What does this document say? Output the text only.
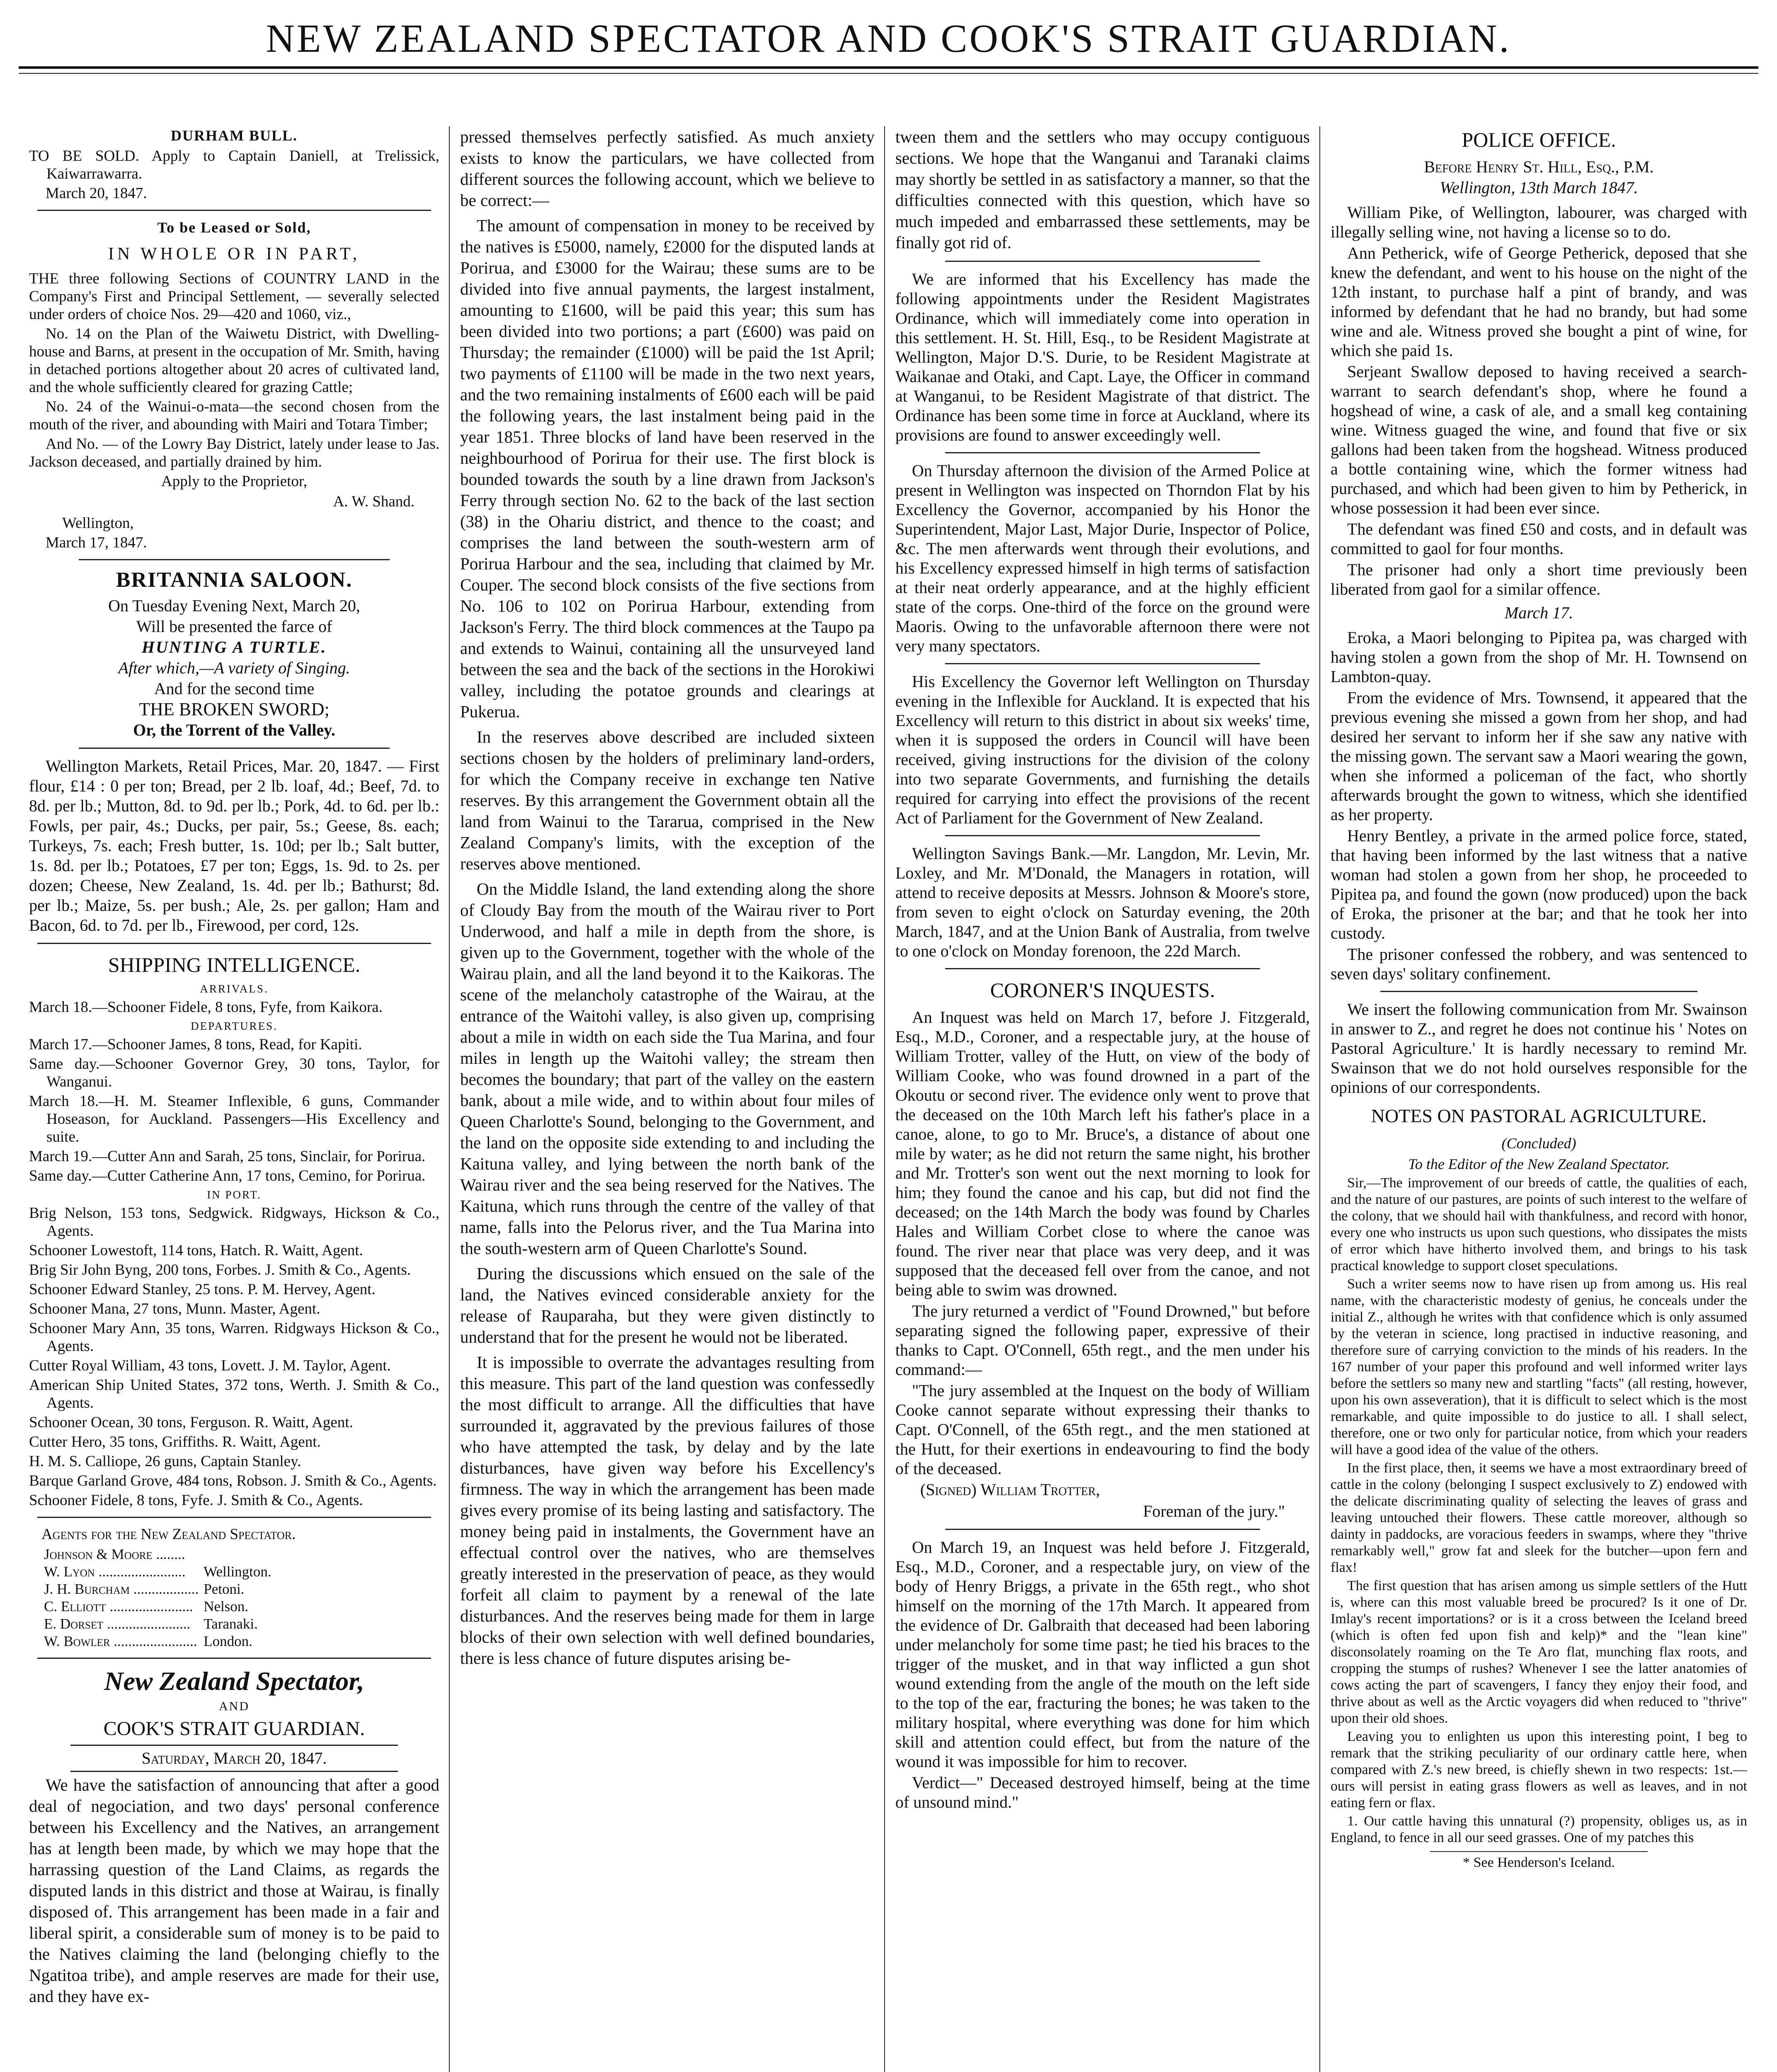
NEW ZEALAND SPECTATOR AND COOK'S STRAIT GUARDIAN.
DURHAM BULL.

TO BE SOLD. Apply to Captain Daniell, at Trelissick, Kaiwarrawarra.

March 20, 1847.

To be Leased or Sold,
IN WHOLE OR IN PART,

THE three following Sections of COUNTRY LAND in the Company's First and Principal Settlement, — severally selected under orders of choice Nos. 29—420 and 1060, viz.,

No. 14 on the Plan of the Waiwetu District, with Dwelling-house and Barns, at present in the occupation of Mr. Smith, having in detached portions altogether about 20 acres of cultivated land, and the whole sufficiently cleared for grazing Cattle;

No. 24 of the Wainui-o-mata—the second chosen from the mouth of the river, and abounding with Mairi and Totara Timber;

And No. — of the Lowry Bay District, lately under lease to Jas. Jackson deceased, and partially drained by him.

Apply to the Proprietor,

A. W. Shand.

Wellington,

March 17, 1847.

BRITANNIA SALOON.

On Tuesday Evening Next, March 20,

Will be presented the farce of

HUNTING A TURTLE.

After which,—A variety of Singing.

And for the second time

THE BROKEN SWORD;

Or, the Torrent of the Valley.

Wellington Markets, Retail Prices, Mar. 20, 1847. — First flour, £14 : 0 per ton; Bread, per 2 lb. loaf, 4d.; Beef, 7d. to 8d. per lb.; Mutton, 8d. to 9d. per lb.; Pork, 4d. to 6d. per lb.: Fowls, per pair, 4s.; Ducks, per pair, 5s.; Geese, 8s. each; Turkeys, 7s. each; Fresh butter, 1s. 10d; per lb.; Salt butter, 1s. 8d. per lb.; Potatoes, £7 per ton; Eggs, 1s. 9d. to 2s. per dozen; Cheese, New Zealand, 1s. 4d. per lb.; Bathurst; 8d. per lb.; Maize, 5s. per bush.; Ale, 2s. per gallon; Ham and Bacon, 6d. to 7d. per lb., Firewood, per cord, 12s.

SHIPPING INTELLIGENCE.
ARRIVALS.

March 18.—Schooner Fidele, 8 tons, Fyfe, from Kaikora.

DEPARTURES.

March 17.—Schooner James, 8 tons, Read, for Kapiti.

Same day.—Schooner Governor Grey, 30 tons, Taylor, for Wanganui.

March 18.—H. M. Steamer Inflexible, 6 guns, Commander Hoseason, for Auckland. Passengers—His Excellency and suite.

March 19.—Cutter Ann and Sarah, 25 tons, Sinclair, for Porirua.

Same day.—Cutter Catherine Ann, 17 tons, Cemino, for Porirua.

IN PORT.

Brig Nelson, 153 tons, Sedgwick. Ridgways, Hickson & Co., Agents.

Schooner Lowestoft, 114 tons, Hatch. R. Waitt, Agent.

Brig Sir John Byng, 200 tons, Forbes. J. Smith & Co., Agents.

Schooner Edward Stanley, 25 tons. P. M. Hervey, Agent.

Schooner Mana, 27 tons, Munn. Master, Agent.

Schooner Mary Ann, 35 tons, Warren. Ridgways Hickson & Co., Agents.

Cutter Royal William, 43 tons, Lovett. J. M. Taylor, Agent.

American Ship United States, 372 tons, Werth. J. Smith & Co., Agents.

Schooner Ocean, 30 tons, Ferguson. R. Waitt, Agent.

Cutter Hero, 35 tons, Griffiths. R. Waitt, Agent.

H. M. S. Calliope, 26 guns, Captain Stanley.

Barque Garland Grove, 484 tons, Robson. J. Smith & Co., Agents.

Schooner Fidele, 8 tons, Fyfe. J. Smith & Co., Agents.

Agents for the New Zealand Spectator.

Johnson & Moore ........	
W. Lyon ........................	Wellington.
J. H. Burcham ..................	Petoni.
C. Elliott .......................	Nelson.
E. Dorset .......................	Taranaki.
W. Bowler .......................	London.
New Zealand Spectator,
AND
COOK'S STRAIT GUARDIAN.

Saturday, March 20, 1847.

We have the satisfaction of announcing that after a good deal of negociation, and two days' personal conference between his Excellency and the Natives, an arrangement has at length been made, by which we may hope that the harrassing question of the Land Claims, as regards the disputed lands in this district and those at Wairau, is finally disposed of. This arrangement has been made in a fair and liberal spirit, a considerable sum of money is to be paid to the Natives claiming the land (belonging chiefly to the Ngatitoa tribe), and ample reserves are made for their use, and they have ex-

pressed themselves perfectly satisfied. As much anxiety exists to know the particulars, we have collected from different sources the following account, which we believe to be correct:—

The amount of compensation in money to be received by the natives is £5000, namely, £2000 for the disputed lands at Porirua, and £3000 for the Wairau; these sums are to be divided into five annual payments, the largest instalment, amounting to £1600, will be paid this year; this sum has been divided into two portions; a part (£600) was paid on Thursday; the remainder (£1000) will be paid the 1st April; two payments of £1100 will be made in the two next years, and the two remaining instalments of £600 each will be paid the following years, the last instalment being paid in the year 1851. Three blocks of land have been reserved in the neighbourhood of Porirua for their use. The first block is bounded towards the south by a line drawn from Jackson's Ferry through section No. 62 to the back of the last section (38) in the Ohariu district, and thence to the coast; and comprises the land between the south-western arm of Porirua Harbour and the sea, including that claimed by Mr. Couper. The second block consists of the five sections from No. 106 to 102 on Porirua Harbour, extending from Jackson's Ferry. The third block commences at the Taupo pa and extends to Wainui, containing all the unsurveyed land between the sea and the back of the sections in the Horokiwi valley, including the potatoe grounds and clearings at Pukerua.

In the reserves above described are included sixteen sections chosen by the holders of preliminary land-orders, for which the Company receive in exchange ten Native reserves. By this arrangement the Government obtain all the land from Wainui to the Tararua, comprised in the New Zealand Company's limits, with the exception of the reserves above mentioned.

On the Middle Island, the land extending along the shore of Cloudy Bay from the mouth of the Wairau river to Port Underwood, and half a mile in depth from the shore, is given up to the Government, together with the whole of the Wairau plain, and all the land beyond it to the Kaikoras. The scene of the melancholy catastrophe of the Wairau, at the entrance of the Waitohi valley, is also given up, comprising about a mile in width on each side the Tua Marina, and four miles in length up the Waitohi valley; the stream then becomes the boundary; that part of the valley on the eastern bank, about a mile wide, and to within about four miles of Queen Charlotte's Sound, belonging to the Government, and the land on the opposite side extending to and including the Kaituna valley, and lying between the north bank of the Wairau river and the sea being reserved for the Natives. The Kaituna, which runs through the centre of the valley of that name, falls into the Pelorus river, and the Tua Marina into the south-western arm of Queen Charlotte's Sound.

During the discussions which ensued on the sale of the land, the Natives evinced considerable anxiety for the release of Rauparaha, but they were given distinctly to understand that for the present he would not be liberated.

It is impossible to overrate the advantages resulting from this measure. This part of the land question was confessedly the most difficult to arrange. All the difficulties that have surrounded it, aggravated by the previous failures of those who have attempted the task, by delay and by the late disturbances, have given way before his Excellency's firmness. The way in which the arrangement has been made gives every promise of its being lasting and satisfactory. The money being paid in instalments, the Government have an effectual control over the natives, who are themselves greatly interested in the preservation of peace, as they would forfeit all claim to payment by a renewal of the late disturbances. And the reserves being made for them in large blocks of their own selection with well defined boundaries, there is less chance of future disputes arising be-

tween them and the settlers who may occupy contiguous sections. We hope that the Wanganui and Taranaki claims may shortly be settled in as satisfactory a manner, so that the difficulties connected with this question, which have so much impeded and embarrassed these settlements, may be finally got rid of.

We are informed that his Excellency has made the following appointments under the Resident Magistrates Ordinance, which will immediately come into operation in this settlement. H. St. Hill, Esq., to be Resident Magistrate at Wellington, Major D.'S. Durie, to be Resident Magistrate at Waikanae and Otaki, and Capt. Laye, the Officer in command at Wanganui, to be Resident Magistrate of that district. The Ordinance has been some time in force at Auckland, where its provisions are found to answer exceedingly well.

On Thursday afternoon the division of the Armed Police at present in Wellington was inspected on Thorndon Flat by his Excellency the Governor, accompanied by his Honor the Superintendent, Major Last, Major Durie, Inspector of Police, &c. The men afterwards went through their evolutions, and his Excellency expressed himself in high terms of satisfaction at their neat orderly appearance, and at the highly efficient state of the corps. One-third of the force on the ground were Maoris. Owing to the unfavorable afternoon there were not very many spectators.

His Excellency the Governor left Wellington on Thursday evening in the Inflexible for Auckland. It is expected that his Excellency will return to this district in about six weeks' time, when it is supposed the orders in Council will have been received, giving instructions for the division of the colony into two separate Governments, and furnishing the details required for carrying into effect the provisions of the recent Act of Parliament for the Government of New Zealand.

Wellington Savings Bank.—Mr. Langdon, Mr. Levin, Mr. Loxley, and Mr. M'Donald, the Managers in rotation, will attend to receive deposits at Messrs. Johnson & Moore's store, from seven to eight o'clock on Saturday evening, the 20th March, 1847, and at the Union Bank of Australia, from twelve to one o'clock on Monday forenoon, the 22d March.

CORONER'S INQUESTS.

An Inquest was held on March 17, before J. Fitzgerald, Esq., M.D., Coroner, and a respectable jury, at the house of William Trotter, valley of the Hutt, on view of the body of William Cooke, who was found drowned in a part of the Okoutu or second river. The evidence only went to prove that the deceased on the 10th March left his father's place in a canoe, alone, to go to Mr. Bruce's, a distance of about one mile by water; as he did not return the same night, his brother and Mr. Trotter's son went out the next morning to look for him; they found the canoe and his cap, but did not find the deceased; on the 14th March the body was found by Charles Hales and William Corbet close to where the canoe was found. The river near that place was very deep, and it was supposed that the deceased fell over from the canoe, and not being able to swim was drowned.

The jury returned a verdict of "Found Drowned," but before separating signed the following paper, expressive of their thanks to Capt. O'Connell, 65th regt., and the men under his command:—

"The jury assembled at the Inquest on the body of William Cooke cannot separate without expressing their thanks to Capt. O'Connell, of the 65th regt., and the men stationed at the Hutt, for their exertions in endeavouring to find the body of the deceased.

(Signed) William Trotter,

Foreman of the jury."

On March 19, an Inquest was held before J. Fitzgerald, Esq., M.D., Coroner, and a respectable jury, on view of the body of Henry Briggs, a private in the 65th regt., who shot himself on the morning of the 17th March. It appeared from the evidence of Dr. Galbraith that deceased had been laboring under melancholy for some time past; he tied his braces to the trigger of the musket, and in that way inflicted a gun shot wound extending from the angle of the mouth on the left side to the top of the ear, fracturing the bones; he was taken to the military hospital, where everything was done for him which skill and attention could effect, but from the nature of the wound it was impossible for him to recover.

Verdict—" Deceased destroyed himself, being at the time of unsound mind."

POLICE OFFICE.

Before Henry St. Hill, Esq., P.M.

Wellington, 13th March 1847.

William Pike, of Wellington, labourer, was charged with illegally selling wine, not having a license so to do.

Ann Petherick, wife of George Petherick, deposed that she knew the defendant, and went to his house on the night of the 12th instant, to purchase half a pint of brandy, and was informed by defendant that he had no brandy, but had some wine and ale. Witness proved she bought a pint of wine, for which she paid 1s.

Serjeant Swallow deposed to having received a search-warrant to search defendant's shop, where he found a hogshead of wine, a cask of ale, and a small keg containing wine. Witness guaged the wine, and found that five or six gallons had been taken from the hogshead. Witness produced a bottle containing wine, which the former witness had purchased, and which had been given to him by Petherick, in whose possession it had been ever since.

The defendant was fined £50 and costs, and in default was committed to gaol for four months.

The prisoner had only a short time previously been liberated from gaol for a similar offence.

March 17.

Eroka, a Maori belonging to Pipitea pa, was charged with having stolen a gown from the shop of Mr. H. Townsend on Lambton-quay.

From the evidence of Mrs. Townsend, it appeared that the previous evening she missed a gown from her shop, and had desired her servant to inform her if she saw any native with the missing gown. The servant saw a Maori wearing the gown, when she informed a policeman of the fact, who shortly afterwards brought the gown to witness, which she identified as her property.

Henry Bentley, a private in the armed police force, stated, that having been informed by the last witness that a native woman had stolen a gown from her shop, he proceeded to Pipitea pa, and found the gown (now produced) upon the back of Eroka, the prisoner at the bar; and that he took her into custody.

The prisoner confessed the robbery, and was sentenced to seven days' solitary confinement.

We insert the following communication from Mr. Swainson in answer to Z., and regret he does not continue his ' Notes on Pastoral Agriculture.' It is hardly necessary to remind Mr. Swainson that we do not hold ourselves responsible for the opinions of our correspondents.

NOTES ON PASTORAL AGRICULTURE.

(Concluded)

To the Editor of the New Zealand Spectator.

Sir,—The improvement of our breeds of cattle, the qualities of each, and the nature of our pastures, are points of such interest to the welfare of the colony, that we should hail with thankfulness, and record with honor, every one who instructs us upon such questions, who dissipates the mists of error which have hitherto involved them, and brings to his task practical knowledge to support closet speculations.

Such a writer seems now to have risen up from among us. His real name, with the characteristic modesty of genius, he conceals under the initial Z., although he writes with that confidence which is only assumed by the veteran in science, long practised in inductive reasoning, and therefore sure of carrying conviction to the minds of his readers. In the 167 number of your paper this profound and well informed writer lays before the settlers so many new and startling "facts" (all resting, however, upon his own asseveration), that it is difficult to select which is the most remarkable, and quite impossible to do justice to all. I shall select, therefore, one or two only for particular notice, from which your readers will have a good idea of the value of the others.

In the first place, then, it seems we have a most extraordinary breed of cattle in the colony (belonging I suspect exclusively to Z) endowed with the delicate discriminating quality of selecting the leaves of grass and leaving untouched their flowers. These cattle moreover, although so dainty in paddocks, are voracious feeders in swamps, where they "thrive remarkably well," grow fat and sleek for the butcher—upon fern and flax!

The first question that has arisen among us simple settlers of the Hutt is, where can this most valuable breed be procured? Is it one of Dr. Imlay's recent importations? or is it a cross between the Iceland breed (which is often fed upon fish and kelp)* and the "lean kine" disconsolately roaming on the Te Aro flat, munching flax roots, and cropping the stumps of rushes? Whenever I see the latter anatomies of cows acting the part of scavengers, I fancy they enjoy their food, and thrive about as well as the Arctic voyagers did when reduced to "thrive" upon their old shoes.

Leaving you to enlighten us upon this interesting point, I beg to remark that the striking peculiarity of our ordinary cattle here, when compared with Z.'s new breed, is chiefly shewn in two respects: 1st.—ours will persist in eating grass flowers as well as leaves, and in not eating fern or flax.

1. Our cattle having this unnatural (?) propensity, obliges us, as in England, to fence in all our seed grasses. One of my patches this

* See Henderson's Iceland.
